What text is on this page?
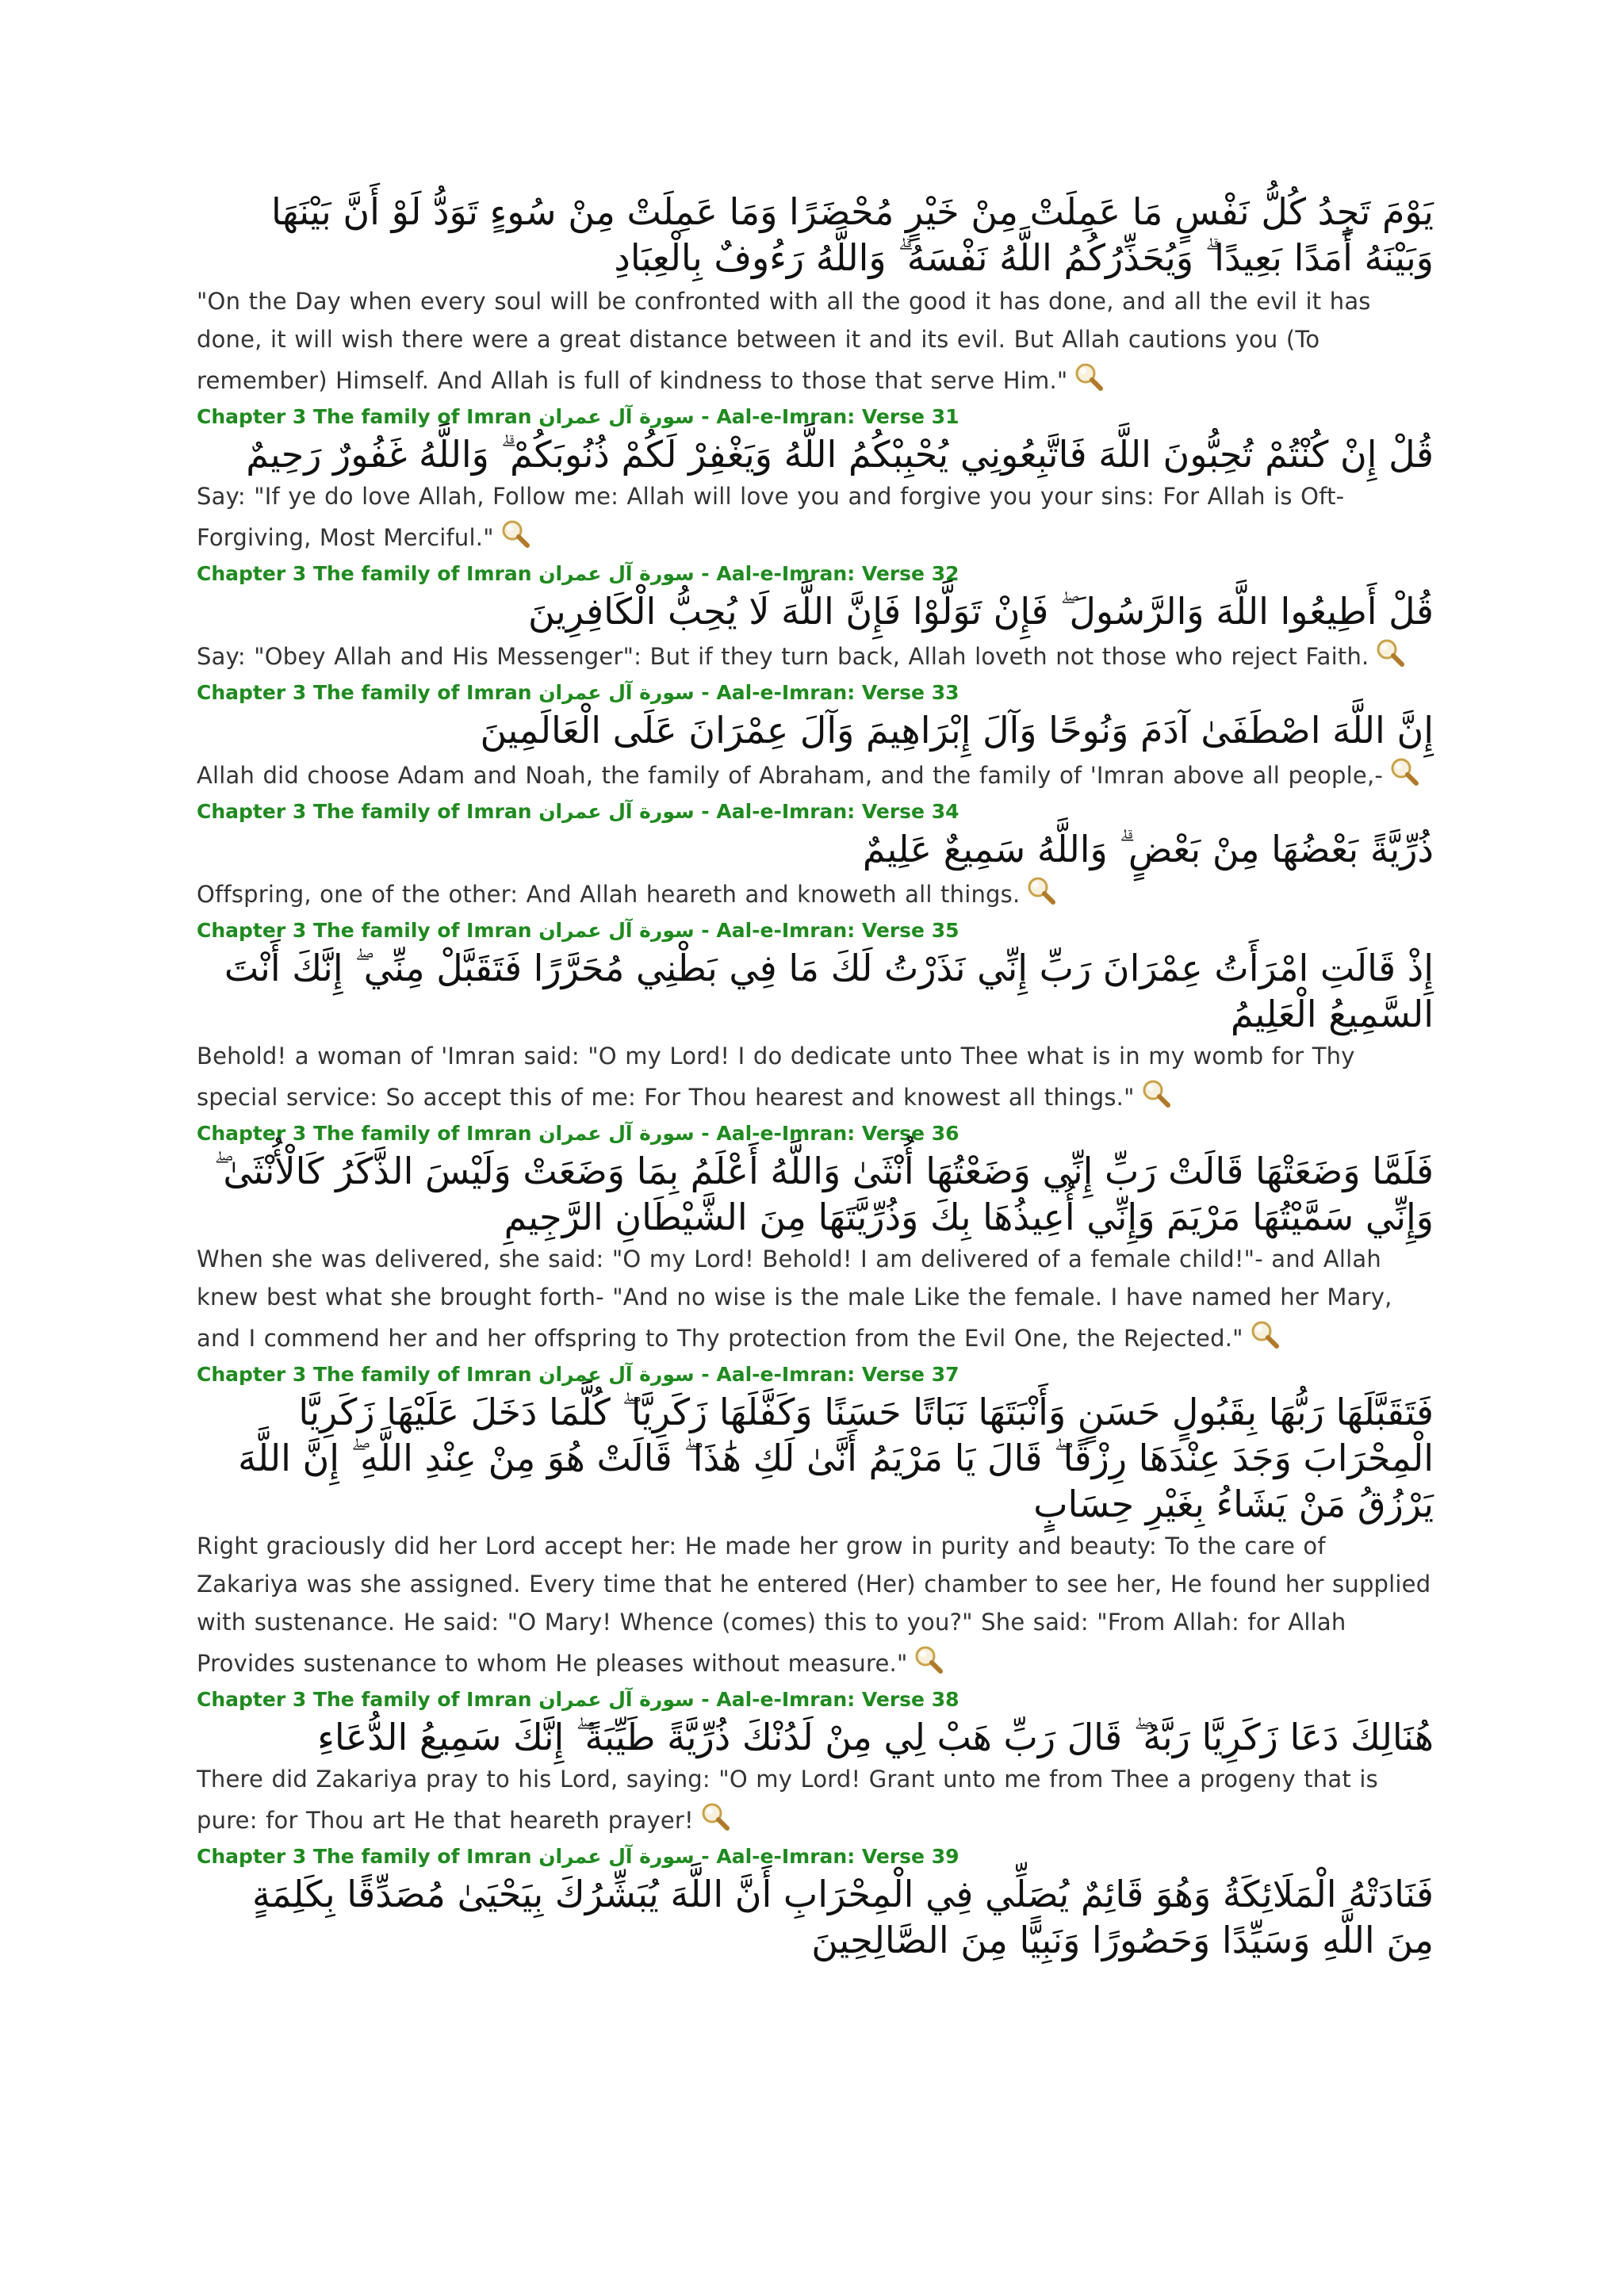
يَوْمَ تَجِدُ كُلُّ نَفْسٍ مَا عَمِلَتْ مِنْ خَيْرٍ مُحْضَرًا وَمَا عَمِلَتْ مِنْ سُوءٍ تَوَدُّ لَوْ أَنَّ بَيْنَهَا وَبَيْنَهُ أَمَدًا بَعِيدًا ۗ وَيُحَذِّرُكُمُ اللَّهُ نَفْسَهُ ۗ وَاللَّهُ رَءُوفٌ بِالْعِبَادِ
"On the Day when every soul will be confronted with all the good it has done, and all the evil it has done, it will wish there were a great distance between it and its evil. But Allah cautions you (To remember) Himself. And Allah is full of kindness to those that serve Him."
Chapter 3 The family of Imran سورة آل عمران - Aal-e-Imran: Verse 31
قُلْ إِنْ كُنْتُمْ تُحِبُّونَ اللَّهَ فَاتَّبِعُونِي يُحْبِبْكُمُ اللَّهُ وَيَغْفِرْ لَكُمْ ذُنُوبَكُمْ ۗ وَاللَّهُ غَفُورٌ رَحِيمٌ
Say: "If ye do love Allah, Follow me: Allah will love you and forgive you your sins: For Allah is Oft-Forgiving, Most Merciful."
Chapter 3 The family of Imran سورة آل عمران - Aal-e-Imran: Verse 32
قُلْ أَطِيعُوا اللَّهَ وَالرَّسُولَ ۖ فَإِنْ تَوَلَّوْا فَإِنَّ اللَّهَ لَا يُحِبُّ الْكَافِرِينَ
Say: "Obey Allah and His Messenger": But if they turn back, Allah loveth not those who reject Faith.
Chapter 3 The family of Imran سورة آل عمران - Aal-e-Imran: Verse 33
إِنَّ اللَّهَ اصْطَفَىٰ آدَمَ وَنُوحًا وَآلَ إِبْرَاهِيمَ وَآلَ عِمْرَانَ عَلَى الْعَالَمِينَ
Allah did choose Adam and Noah, the family of Abraham, and the family of 'Imran above all people,-
Chapter 3 The family of Imran سورة آل عمران - Aal-e-Imran: Verse 34
ذُرِّيَّةً بَعْضُهَا مِنْ بَعْضٍ ۗ وَاللَّهُ سَمِيعٌ عَلِيمٌ
Offspring, one of the other: And Allah heareth and knoweth all things.
Chapter 3 The family of Imran سورة آل عمران - Aal-e-Imran: Verse 35
إِذْ قَالَتِ امْرَأَتُ عِمْرَانَ رَبِّ إِنِّي نَذَرْتُ لَكَ مَا فِي بَطْنِي مُحَرَّرًا فَتَقَبَّلْ مِنِّي ۖ إِنَّكَ أَنْتَ السَّمِيعُ الْعَلِيمُ
Behold! a woman of 'Imran said: "O my Lord! I do dedicate unto Thee what is in my womb for Thy special service: So accept this of me: For Thou hearest and knowest all things."
Chapter 3 The family of Imran سورة آل عمران - Aal-e-Imran: Verse 36
فَلَمَّا وَضَعَتْهَا قَالَتْ رَبِّ إِنِّي وَضَعْتُهَا أُنْثَىٰ وَاللَّهُ أَعْلَمُ بِمَا وَضَعَتْ وَلَيْسَ الذَّكَرُ كَالْأُنْثَىٰ ۖ وَإِنِّي سَمَّيْتُهَا مَرْيَمَ وَإِنِّي أُعِيذُهَا بِكَ وَذُرِّيَّتَهَا مِنَ الشَّيْطَانِ الرَّجِيمِ
When she was delivered, she said: "O my Lord! Behold! I am delivered of a female child!"- and Allah knew best what she brought forth- "And no wise is the male Like the female. I have named her Mary, and I commend her and her offspring to Thy protection from the Evil One, the Rejected."
Chapter 3 The family of Imran سورة آل عمران - Aal-e-Imran: Verse 37
فَتَقَبَّلَهَا رَبُّهَا بِقَبُولٍ حَسَنٍ وَأَنْبَتَهَا نَبَاتًا حَسَنًا وَكَفَّلَهَا زَكَرِيَّا ۖ كُلَّمَا دَخَلَ عَلَيْهَا زَكَرِيَّا الْمِحْرَابَ وَجَدَ عِنْدَهَا رِزْقًا ۖ قَالَ يَا مَرْيَمُ أَنَّىٰ لَكِ هَٰذَا ۖ قَالَتْ هُوَ مِنْ عِنْدِ اللَّهِ ۖ إِنَّ اللَّهَ يَرْزُقُ مَنْ يَشَاءُ بِغَيْرِ حِسَابٍ
Right graciously did her Lord accept her: He made her grow in purity and beauty: To the care of Zakariya was she assigned. Every time that he entered (Her) chamber to see her, He found her supplied with sustenance. He said: "O Mary! Whence (comes) this to you?" She said: "From Allah: for Allah Provides sustenance to whom He pleases without measure."
Chapter 3 The family of Imran سورة آل عمران - Aal-e-Imran: Verse 38
هُنَالِكَ دَعَا زَكَرِيَّا رَبَّهُ ۖ قَالَ رَبِّ هَبْ لِي مِنْ لَدُنْكَ ذُرِّيَّةً طَيِّبَةً ۖ إِنَّكَ سَمِيعُ الدُّعَاءِ
There did Zakariya pray to his Lord, saying: "O my Lord! Grant unto me from Thee a progeny that is pure: for Thou art He that heareth prayer!
Chapter 3 The family of Imran سورة آل عمران - Aal-e-Imran: Verse 39
فَنَادَتْهُ الْمَلَائِكَةُ وَهُوَ قَائِمٌ يُصَلِّي فِي الْمِحْرَابِ أَنَّ اللَّهَ يُبَشِّرُكَ بِيَحْيَىٰ مُصَدِّقًا بِكَلِمَةٍ مِنَ اللَّهِ وَسَيِّدًا وَحَصُورًا وَنَبِيًّا مِنَ الصَّالِحِينَ
